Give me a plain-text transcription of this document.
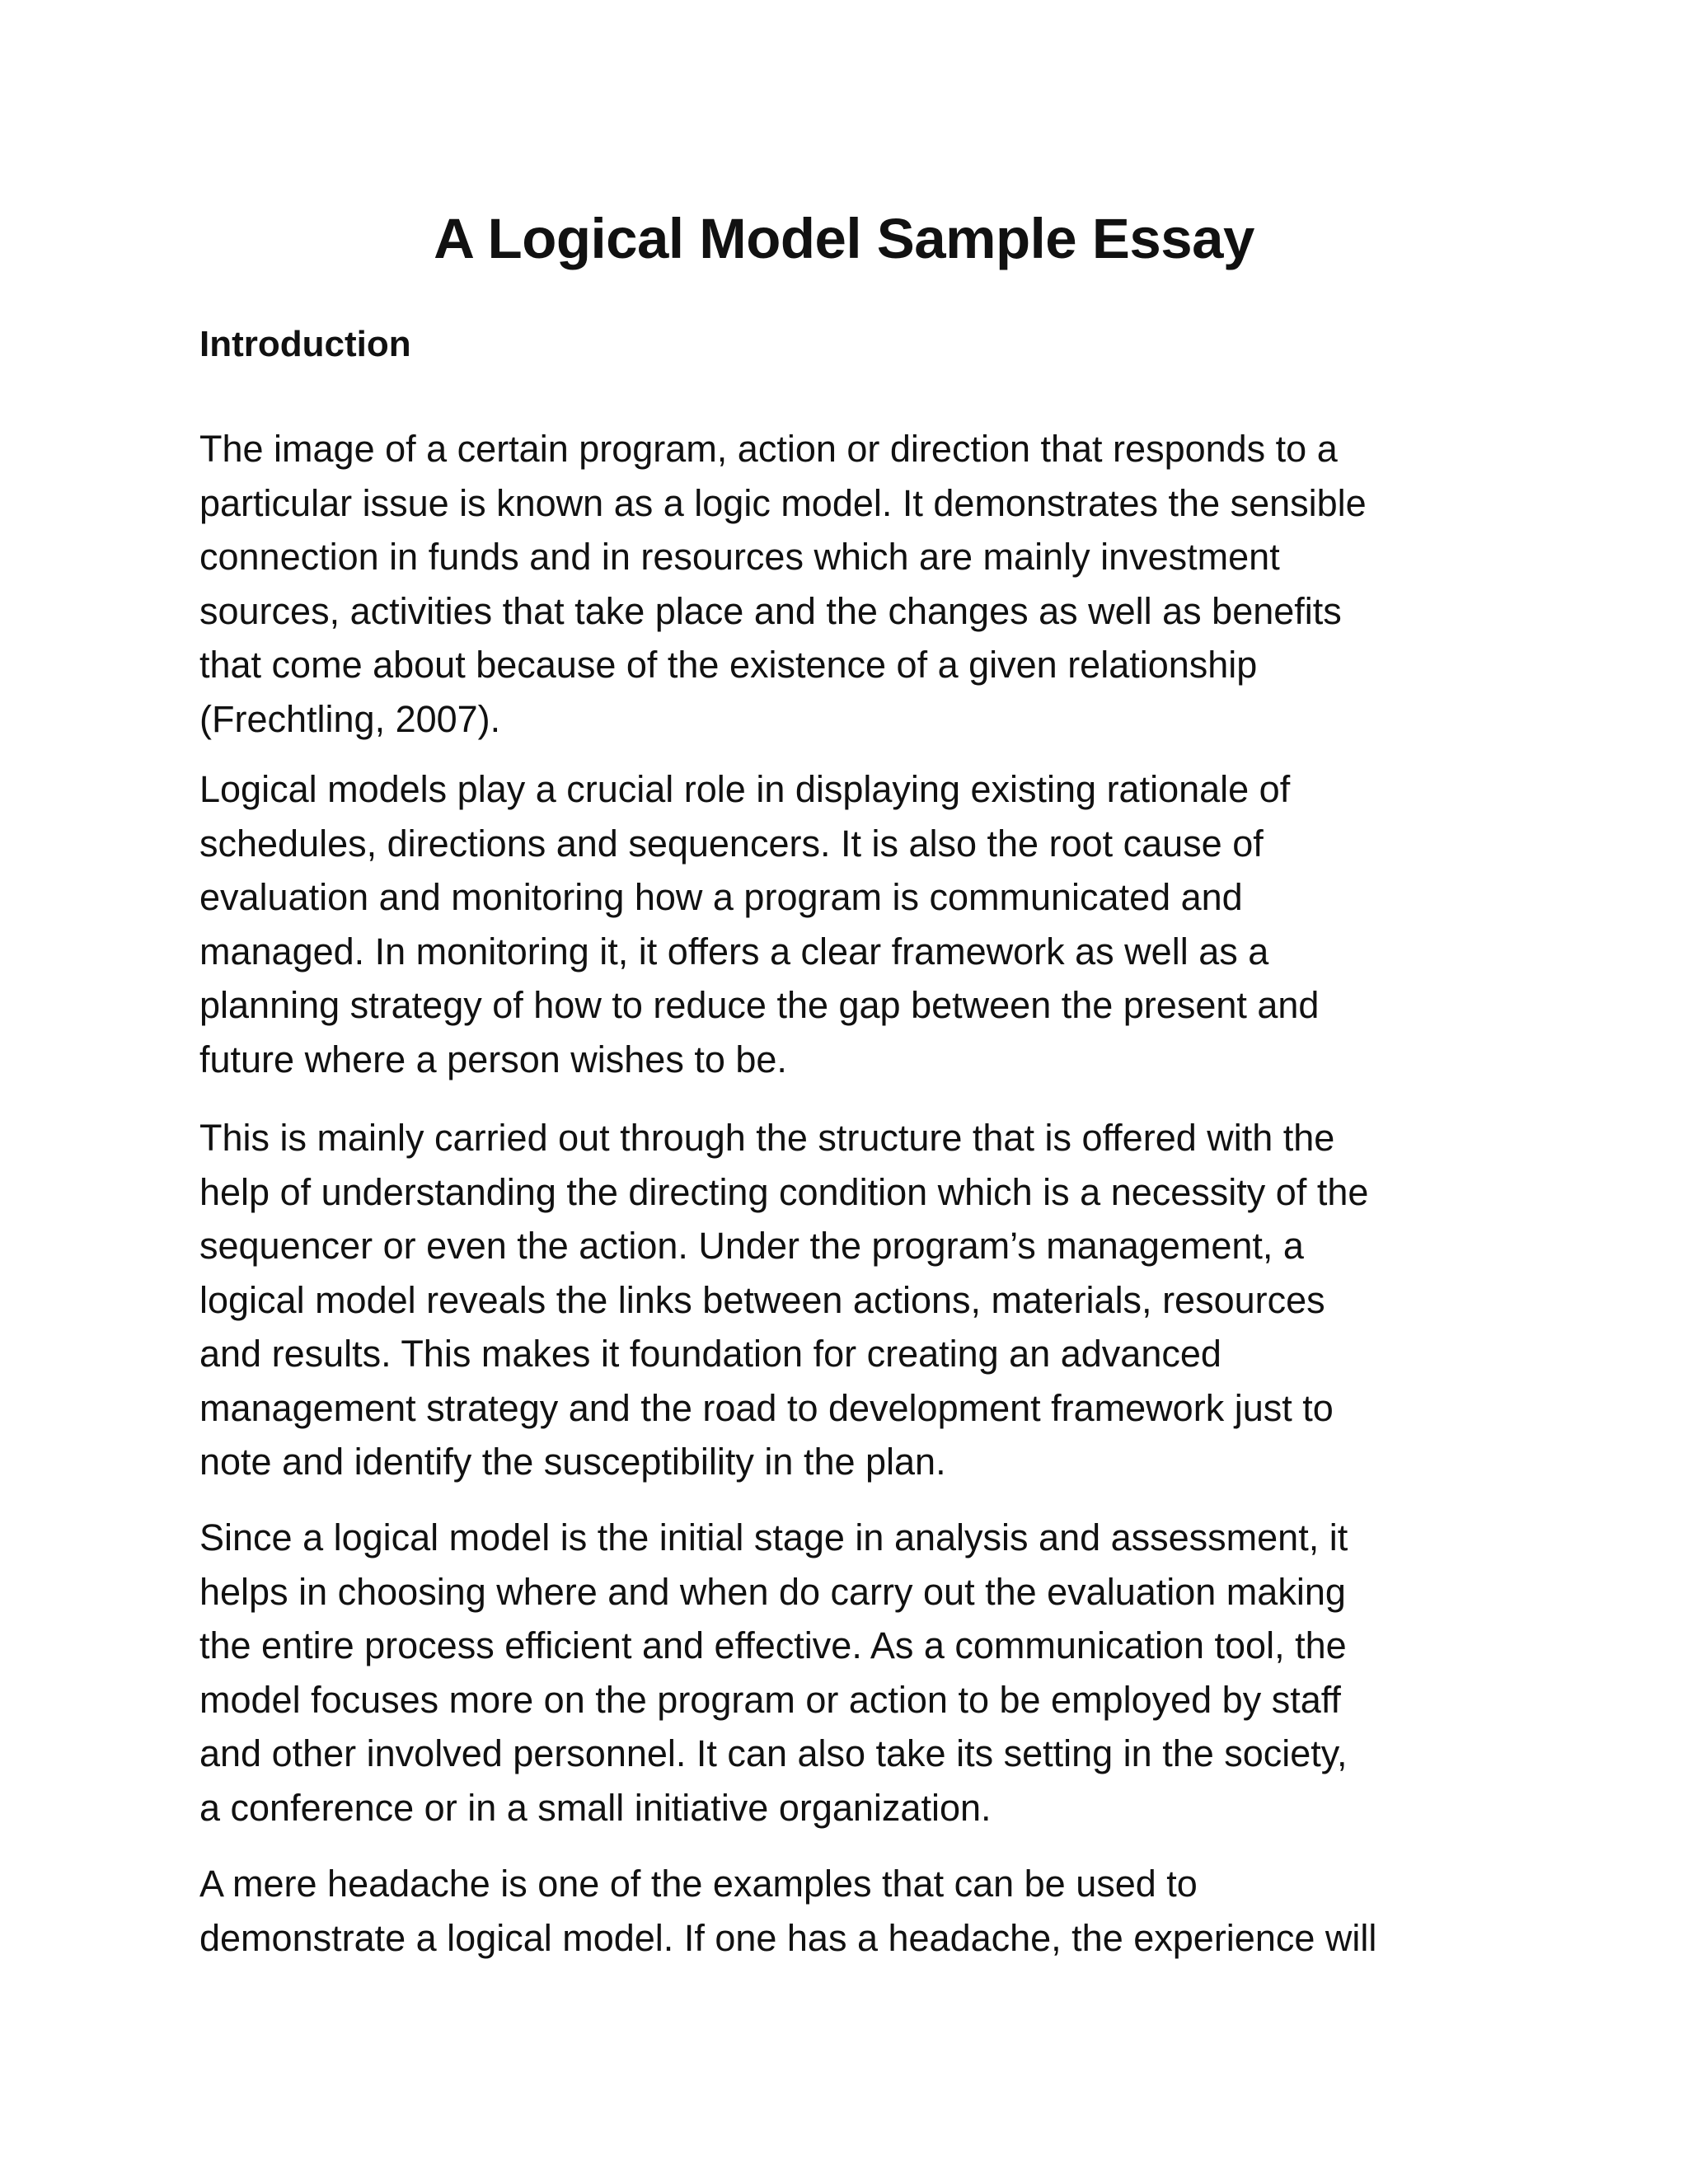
A Logical Model Sample Essay
Introduction

The image of a certain program, action or direction that responds to a
particular issue is known as a logic model. It demonstrates the sensible
connection in funds and in resources which are mainly investment
sources, activities that take place and the changes as well as benefits
that come about because of the existence of a given relationship
(Frechtling, 2007).

Logical models play a crucial role in displaying existing rationale of
schedules, directions and sequencers. It is also the root cause of
evaluation and monitoring how a program is communicated and
managed. In monitoring it, it offers a clear framework as well as a
planning strategy of how to reduce the gap between the present and
future where a person wishes to be.

This is mainly carried out through the structure that is offered with the
help of understanding the directing condition which is a necessity of the
sequencer or even the action. Under the program’s management, a
logical model reveals the links between actions, materials, resources
and results. This makes it foundation for creating an advanced
management strategy and the road to development framework just to
note and identify the susceptibility in the plan.

Since a logical model is the initial stage in analysis and assessment, it
helps in choosing where and when do carry out the evaluation making
the entire process efficient and effective. As a communication tool, the
model focuses more on the program or action to be employed by staff
and other involved personnel. It can also take its setting in the society,
a conference or in a small initiative organization.

A mere headache is one of the examples that can be used to
demonstrate a logical model. If one has a headache, the experience will
